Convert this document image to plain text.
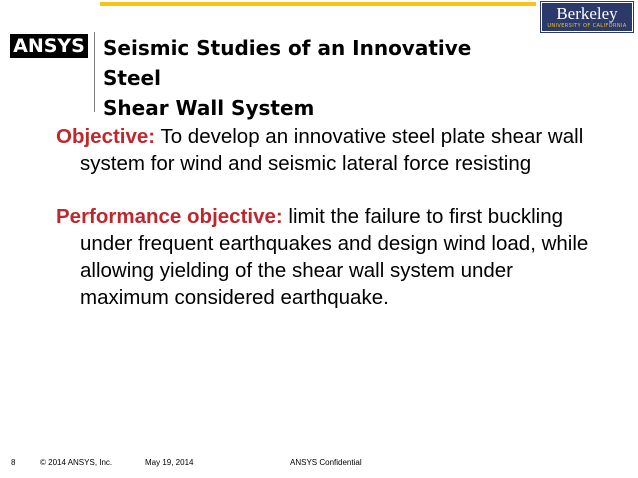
ANSYS
Berkeley
UNIVERSITY OF CALIFORNIA
Seismic Studies of an Innovative Steel
Shear Wall System
Objective: To develop an innovative steel plate shear wall system for wind and seismic lateral force resisting
Performance objective: limit the failure to first buckling under frequent earthquakes and design wind load, while allowing yielding of the shear wall system under maximum considered earthquake.
8	© 2014 ANSYS, Inc.	May 19, 2014	ANSYS Confidential
